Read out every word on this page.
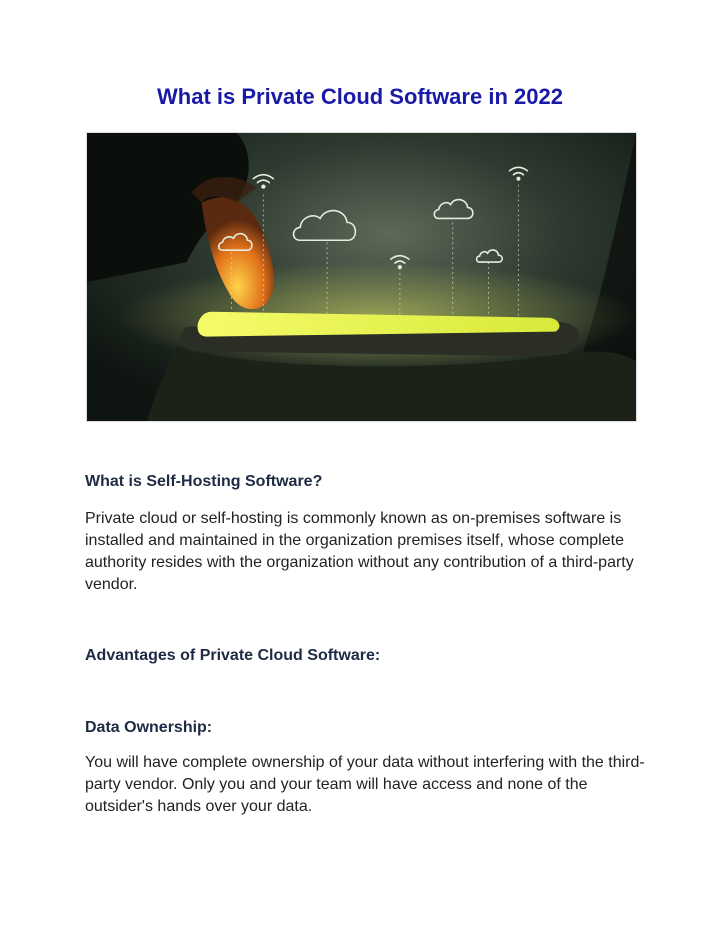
What is Private Cloud Software in 2022
What is Self-Hosting Software?

Private cloud or self-hosting is commonly known as on-premises software is installed and maintained in the organization premises itself, whose complete authority resides with the organization without any contribution of a third-party vendor.

Advantages of Private Cloud Software:
Data Ownership:

You will have complete ownership of your data without interfering with the third-party vendor. Only you and your team will have access and none of the outsider's hands over your data.
